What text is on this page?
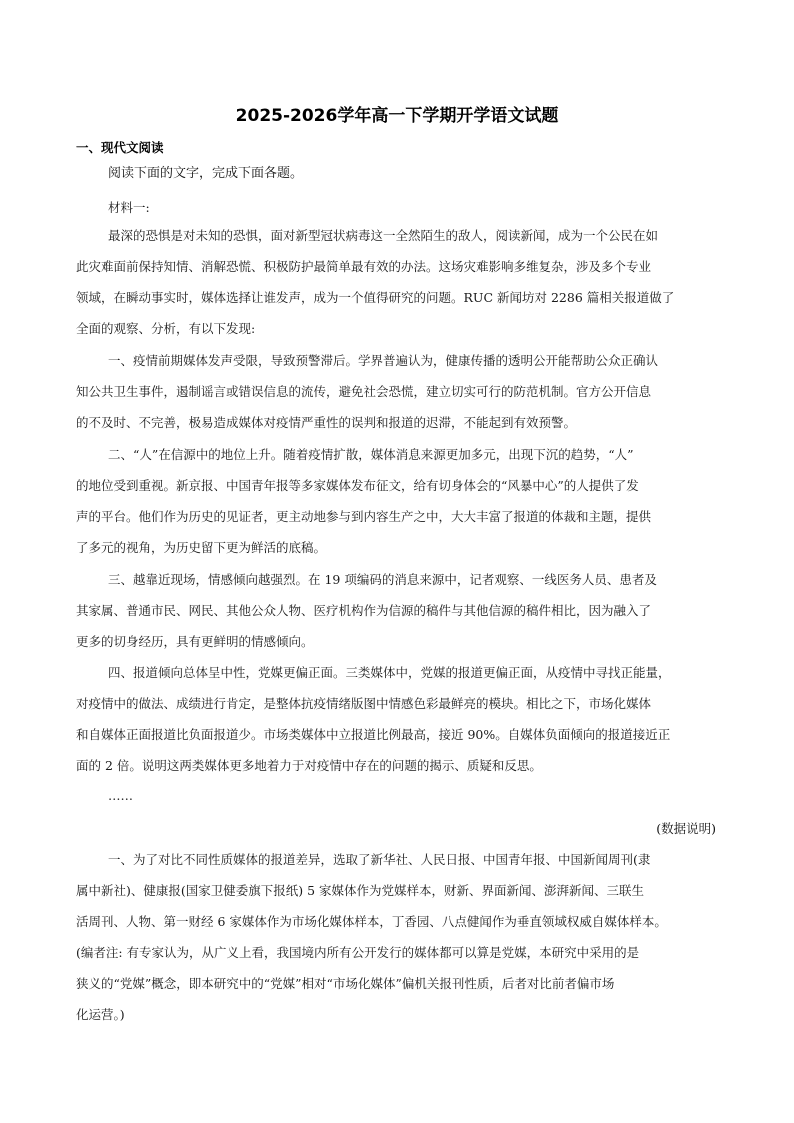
2025-2026学年高一下学期开学语文试题
一、现代文阅读
阅读下面的文字，完成下面各题。
材料一:
最深的恐惧是对未知的恐惧，面对新型冠状病毒这一全然陌生的敌人，阅读新闻，成为一个公民在如
此灾难面前保持知情、消解恐慌、积极防护最简单最有效的办法。这场灾难影响多维复杂，涉及多个专业
领域，在瞬动事实时，媒体选择让谁发声，成为一个值得研究的问题。RUC 新闻坊对 2286 篇相关报道做了
全面的观察、分析，有以下发现:
一、疫情前期媒体发声受限，导致预警滞后。学界普遍认为，健康传播的透明公开能帮助公众正确认
知公共卫生事件，遏制谣言或错误信息的流传，避免社会恐慌，建立切实可行的防范机制。官方公开信息
的不及时、不完善，极易造成媒体对疫情严重性的误判和报道的迟滞，不能起到有效预警。
二、“人”在信源中的地位上升。随着疫情扩散，媒体消息来源更加多元，出现下沉的趋势，“人”
的地位受到重视。新京报、中国青年报等多家媒体发布征文，给有切身体会的“风暴中心”的人提供了发
声的平台。他们作为历史的见证者，更主动地参与到内容生产之中，大大丰富了报道的体裁和主题，提供
了多元的视角，为历史留下更为鲜活的底稿。
三、越靠近现场，情感倾向越强烈。在 19 项编码的消息来源中，记者观察、一线医务人员、患者及
其家属、普通市民、网民、其他公众人物、医疗机构作为信源的稿件与其他信源的稿件相比，因为融入了
更多的切身经历，具有更鲜明的情感倾向。
四、报道倾向总体呈中性，党媒更偏正面。三类媒体中，党媒的报道更偏正面，从疫情中寻找正能量，
对疫情中的做法、成绩进行肯定，是整体抗疫情绪版图中情感色彩最鲜亮的模块。相比之下，市场化媒体
和自媒体正面报道比负面报道少。市场类媒体中立报道比例最高，接近 90%。自媒体负面倾向的报道接近正
面的 2 倍。说明这两类媒体更多地着力于对疫情中存在的问题的揭示、质疑和反思。
……
(数据说明)
一、为了对比不同性质媒体的报道差异，选取了新华社、人民日报、中国青年报、中国新闻周刊(隶
属中新社)、健康报(国家卫健委旗下报纸) 5 家媒体作为党媒样本，财新、界面新闻、澎湃新闻、三联生
活周刊、人物、第一财经 6 家媒体作为市场化媒体样本，丁香园、八点健闻作为垂直领域权威自媒体样本。
(编者注: 有专家认为，从广义上看，我国境内所有公开发行的媒体都可以算是党媒，本研究中采用的是
狭义的“党媒”概念，即本研究中的“党媒”相对“市场化媒体”偏机关报刊性质，后者对比前者偏市场
化运营。)
